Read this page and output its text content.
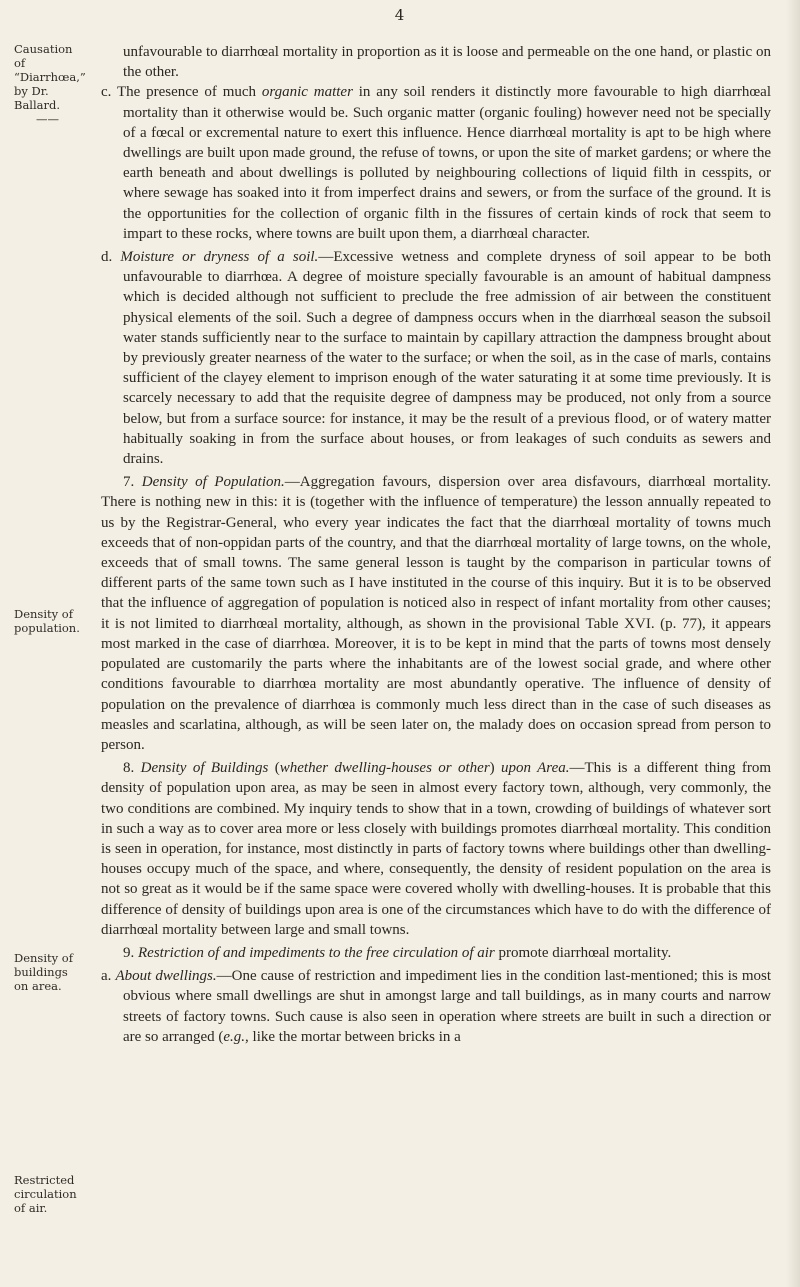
4
Causation of “Diarrhœa,” by Dr. Ballard.
——
Density of population.
Density of buildings on area.
Restricted circulation of air.

unfavourable to diarrhœal mortality in proportion as it is loose and permeable on the one hand, or plastic on the other.

c. The presence of much organic matter in any soil renders it distinctly more favourable to high diarrhœal mortality than it otherwise would be. Such organic matter (organic fouling) however need not be specially of a fœcal or excremental nature to exert this influence. Hence diarrhœal mortality is apt to be high where dwellings are built upon made ground, the refuse of towns, or upon the site of market gardens; or where the earth beneath and about dwellings is polluted by neighbouring collections of liquid filth in cesspits, or where sewage has soaked into it from imperfect drains and sewers, or from the surface of the ground. It is the opportunities for the collection of organic filth in the fissures of certain kinds of rock that seem to impart to these rocks, where towns are built upon them, a diarrhœal character.

d. Moisture or dryness of a soil.—Excessive wetness and complete dryness of soil appear to be both unfavourable to diarrhœa. A degree of moisture specially favourable is an amount of habitual dampness which is decided although not sufficient to preclude the free admission of air between the constituent physical elements of the soil. Such a degree of dampness occurs when in the diarrhœal season the subsoil water stands sufficiently near to the surface to maintain by capillary attraction the dampness brought about by previously greater nearness of the water to the surface; or when the soil, as in the case of marls, contains sufficient of the clayey element to imprison enough of the water saturating it at some time previously. It is scarcely necessary to add that the requisite degree of dampness may be produced, not only from a source below, but from a surface source: for instance, it may be the result of a previous flood, or of watery matter habitually soaking in from the surface about houses, or from leakages of such conduits as sewers and drains.

7. Density of Population.—Aggregation favours, dispersion over area disfavours, diarrhœal mortality. There is nothing new in this: it is (together with the influence of temperature) the lesson annually repeated to us by the Registrar-General, who every year indicates the fact that the diarrhœal mortality of towns much exceeds that of non-oppidan parts of the country, and that the diarrhœal mortality of large towns, on the whole, exceeds that of small towns. The same general lesson is taught by the comparison in particular towns of different parts of the same town such as I have instituted in the course of this inquiry. But it is to be observed that the influence of aggregation of population is noticed also in respect of infant mortality from other causes; it is not limited to diarrhœal mortality, although, as shown in the provisional Table XVI. (p. 77), it appears most marked in the case of diarrhœa. Moreover, it is to be kept in mind that the parts of towns most densely populated are customarily the parts where the inhabitants are of the lowest social grade, and where other conditions favourable to diarrhœa mortality are most abundantly operative. The influence of density of population on the prevalence of diarrhœa is commonly much less direct than in the case of such diseases as measles and scarlatina, although, as will be seen later on, the malady does on occasion spread from person to person.

8. Density of Buildings (whether dwelling-houses or other) upon Area.—This is a different thing from density of population upon area, as may be seen in almost every factory town, although, very commonly, the two conditions are combined. My inquiry tends to show that in a town, crowding of buildings of whatever sort in such a way as to cover area more or less closely with buildings promotes diarrhœal mortality. This condition is seen in operation, for instance, most distinctly in parts of factory towns where buildings other than dwelling-houses occupy much of the space, and where, consequently, the density of resident population on the area is not so great as it would be if the same space were covered wholly with dwelling-houses. It is probable that this difference of density of buildings upon area is one of the circumstances which have to do with the difference of diarrhœal mortality between large and small towns.

9. Restriction of and impediments to the free circulation of air promote diarrhœal mortality.

a. About dwellings.—One cause of restriction and impediment lies in the condition last-mentioned; this is most obvious where small dwellings are shut in amongst large and tall buildings, as in many courts and narrow streets of factory towns. Such cause is also seen in operation where streets are built in such a direction or are so arranged (e.g., like the mortar between bricks in a
